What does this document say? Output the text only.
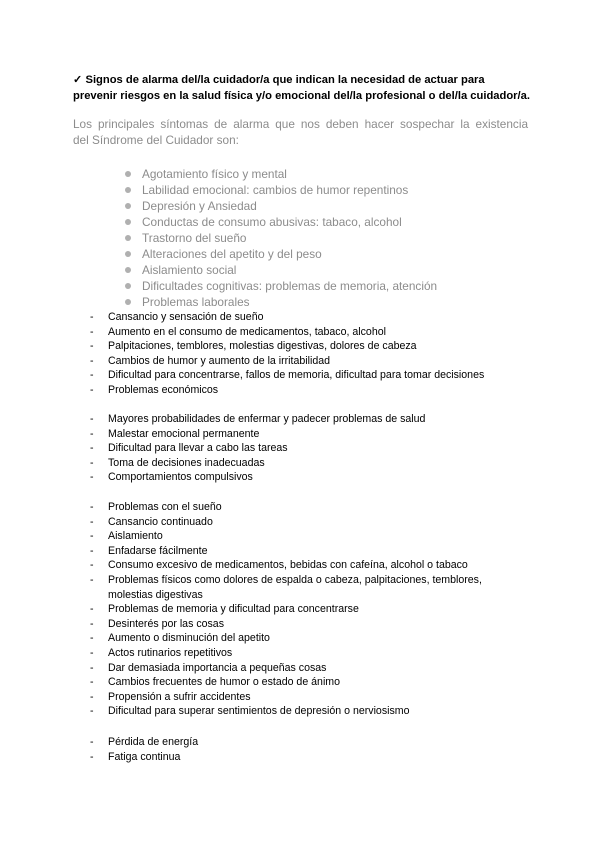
✓ Signos de alarma del/la cuidador/a que indican la necesidad de actuar para
prevenir riesgos en la salud física y/o emocional del/la profesional o del/la cuidador/a.
Los principales síntomas de alarma que nos deben hacer sospechar la existencia
del Síndrome del Cuidador son:
Agotamiento físico y mental
Labilidad emocional: cambios de humor repentinos
Depresión y Ansiedad
Conductas de consumo abusivas: tabaco, alcohol
Trastorno del sueño
Alteraciones del apetito y del peso
Aislamiento social
Dificultades cognitivas: problemas de memoria, atención
Problemas laborales
- Cansancio y sensación de sueño
- Aumento en el consumo de medicamentos, tabaco, alcohol
- Palpitaciones, temblores, molestias digestivas, dolores de cabeza
- Cambios de humor y aumento de la irritabilidad
- Dificultad para concentrarse, fallos de memoria, dificultad para tomar decisiones
- Problemas económicos
- Mayores probabilidades de enfermar y padecer problemas de salud
- Malestar emocional permanente
- Dificultad para llevar a cabo las tareas
- Toma de decisiones inadecuadas
- Comportamientos compulsivos
- Problemas con el sueño
- Cansancio continuado
- Aislamiento
- Enfadarse fácilmente
- Consumo excesivo de medicamentos, bebidas con cafeína, alcohol o tabaco
- Problemas físicos como dolores de espalda o cabeza, palpitaciones, temblores, molestias digestivas
- Problemas de memoria y dificultad para concentrarse
- Desinterés por las cosas
- Aumento o disminución del apetito
- Actos rutinarios repetitivos
- Dar demasiada importancia a pequeñas cosas
- Cambios frecuentes de humor o estado de ánimo
- Propensión a sufrir accidentes
- Dificultad para superar sentimientos de depresión o nerviosismo
- Pérdida de energía
- Fatiga continua
